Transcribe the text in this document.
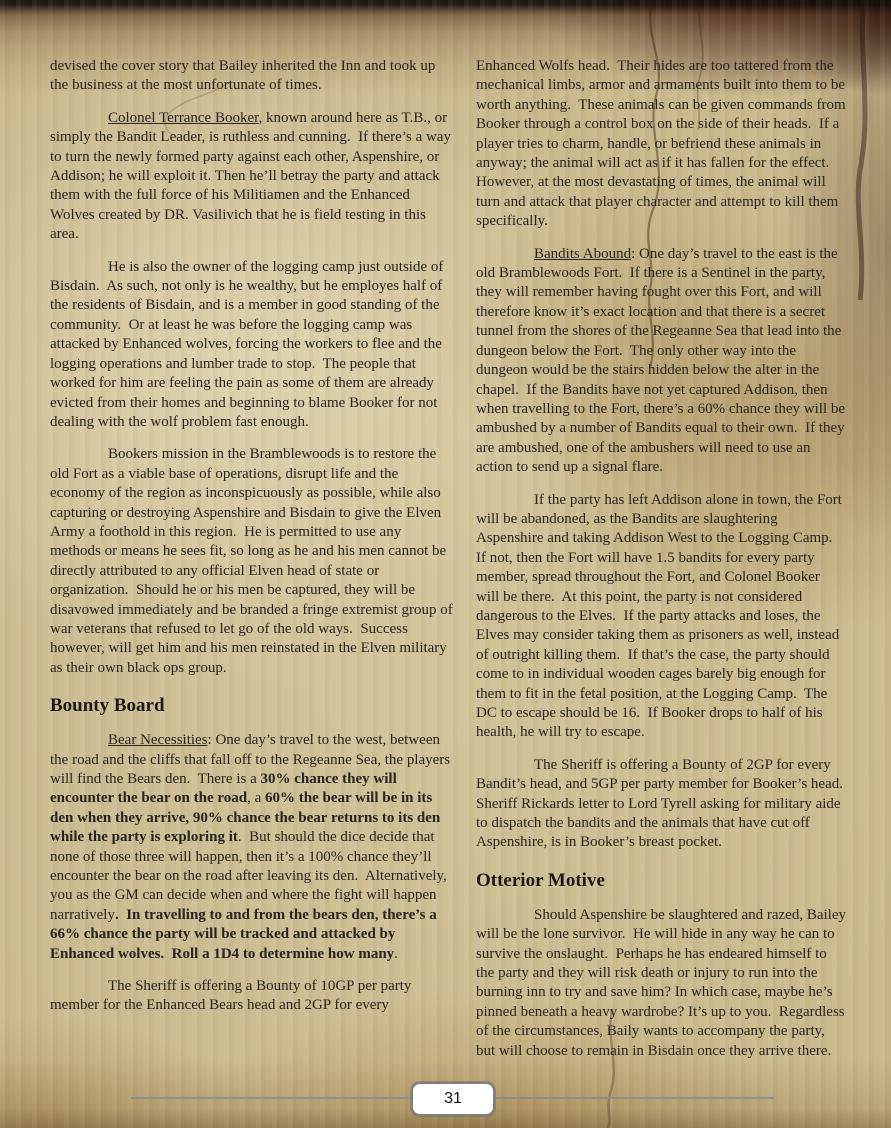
devised the cover story that Bailey inherited the Inn and took up the business at the most unfortunate of times.

Colonel Terrance Booker, known around here as T.B., or simply the Bandit Leader, is ruthless and cunning.  If there’s a way to turn the newly formed party against each other, Aspenshire, or Addison; he will exploit it. Then he’ll betray the party and attack them with the full force of his Militiamen and the Enhanced Wolves created by DR. Vasilivich that he is field testing in this area.

He is also the owner of the logging camp just outside of Bisdain.  As such, not only is he wealthy, but he employes half of the residents of Bisdain, and is a member in good standing of the community.  Or at least he was before the logging camp was attacked by Enhanced wolves, forcing the workers to flee and the logging operations and lumber trade to stop.  The people that worked for him are feeling the pain as some of them are already evicted from their homes and beginning to blame Booker for not dealing with the wolf problem fast enough.

Bookers mission in the Bramblewoods is to restore the old Fort as a viable base of operations, disrupt life and the economy of the region as inconspicuously as possible, while also capturing or destroying Aspenshire and Bisdain to give the Elven Army a foothold in this region.  He is permitted to use any methods or means he sees fit, so long as he and his men cannot be directly attributed to any official Elven head of state or organization.  Should he or his men be captured, they will be disavowed immediately and be branded a fringe extremist group of war veterans that refused to let go of the old ways.  Success however, will get him and his men reinstated in the Elven military as their own black ops group.

Bounty Board

Bear Necessities: One day’s travel to the west, between the road and the cliffs that fall off to the Regeanne Sea, the players will find the Bears den.  There is a 30% chance they will encounter the bear on the road, a 60% the bear will be in its den when they arrive, 90% chance the bear returns to its den while the party is exploring it.  But should the dice decide that none of those three will happen, then it’s a 100% chance they’ll encounter the bear on the road after leaving its den.  Alternatively, you as the GM can decide when and where the fight will happen narratively.  In travelling to and from the bears den, there’s a 66% chance the party will be tracked and attacked by Enhanced wolves.  Roll a 1D4 to determine how many.

The Sheriff is offering a Bounty of 10GP per party member for the Enhanced Bears head and 2GP for every

Enhanced Wolfs head.  Their hides are too tattered from the mechanical limbs, armor and armaments built into them to be worth anything.  These animals can be given commands from Booker through a control box on the side of their heads.  If a player tries to charm, handle, or befriend these animals in anyway; the animal will act as if it has fallen for the effect.  However, at the most devastating of times, the animal will turn and attack that player character and attempt to kill them specifically.

Bandits Abound: One day’s travel to the east is the old Bramblewoods Fort.  If there is a Sentinel in the party, they will remember having fought over this Fort, and will therefore know it’s exact location and that there is a secret tunnel from the shores of the Regeanne Sea that lead into the dungeon below the Fort.  The only other way into the dungeon would be the stairs hidden below the alter in the chapel.  If the Bandits have not yet captured Addison, then when travelling to the Fort, there’s a 60% chance they will be ambushed by a number of Bandits equal to their own.  If they are ambushed, one of the ambushers will need to use an action to send up a signal flare.

If the party has left Addison alone in town, the Fort will be abandoned, as the Bandits are slaughtering Aspenshire and taking Addison West to the Logging Camp.  If not, then the Fort will have 1.5 bandits for every party member, spread throughout the Fort, and Colonel Booker will be there.  At this point, the party is not considered dangerous to the Elves.  If the party attacks and loses, the Elves may consider taking them as prisoners as well, instead of outright killing them.  If that’s the case, the party should come to in individual wooden cages barely big enough for them to fit in the fetal position, at the Logging Camp.  The DC to escape should be 16.  If Booker drops to half of his health, he will try to escape.

The Sheriff is offering a Bounty of 2GP for every Bandit’s head, and 5GP per party member for Booker’s head.  Sheriff Rickards letter to Lord Tyrell asking for military aide to dispatch the bandits and the animals that have cut off Aspenshire, is in Booker’s breast pocket.

Otterior Motive

Should Aspenshire be slaughtered and razed, Bailey will be the lone survivor.  He will hide in any way he can to survive the onslaught.  Perhaps he has endeared himself to the party and they will risk death or injury to run into the burning inn to try and save him? In which case, maybe he’s pinned beneath a heavy wardrobe? It’s up to you.  Regardless of the circumstances, Baily wants to accompany the party, but will choose to remain in Bisdain once they arrive there.

31
